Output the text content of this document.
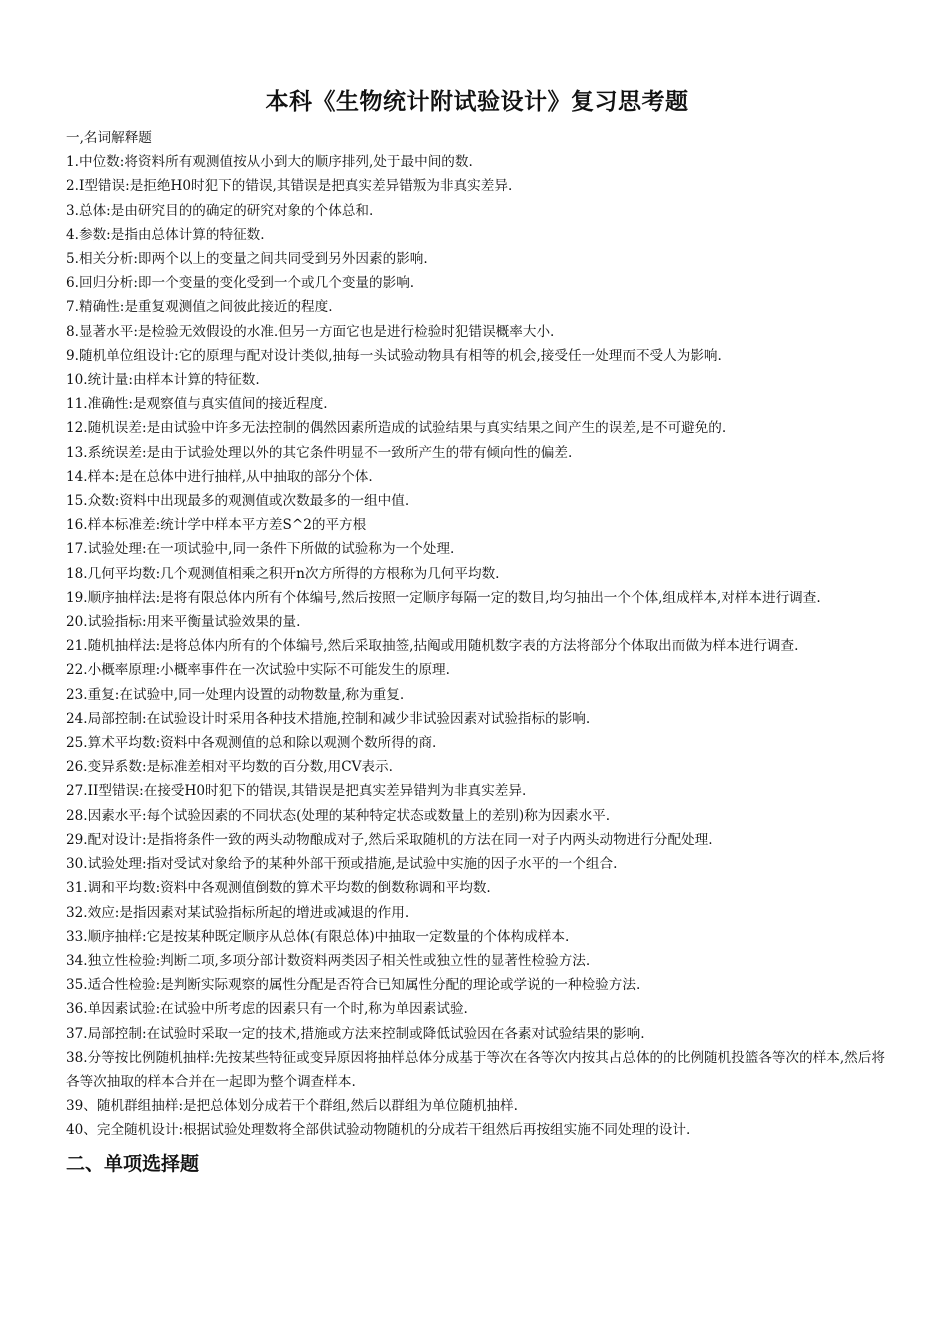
本科《生物统计附试验设计》复习思考题
一,名词解释题

1.中位数:将资料所有观测值按从小到大的顺序排列,处于最中间的数.

2.I型错误:是拒绝H0时犯下的错误,其错误是把真实差异错叛为非真实差异.

3.总体:是由研究目的的确定的研究对象的个体总和.

4.参数:是指由总体计算的特征数.

5.相关分析:即两个以上的变量之间共同受到另外因素的影响.

6.回归分析:即一个变量的变化受到一个或几个变量的影响.

7.精确性:是重复观测值之间彼此接近的程度.

8.显著水平:是检验无效假设的水准.但另一方面它也是进行检验时犯错误概率大小.

9.随机单位组设计:它的原理与配对设计类似,抽每一头试验动物具有相等的机会,接受任一处理而不受人为影响.

10.统计量:由样本计算的特征数.

11.准确性:是观察值与真实值间的接近程度.

12.随机误差:是由试验中许多无法控制的偶然因素所造成的试验结果与真实结果之间产生的误差,是不可避免的.

13.系统误差:是由于试验处理以外的其它条件明显不一致所产生的带有倾向性的偏差.

14.样本:是在总体中进行抽样,从中抽取的部分个体.

15.众数:资料中出现最多的观测值或次数最多的一组中值.

16.样本标准差:统计学中样本平方差S^2的平方根

17.试验处理:在一项试验中,同一条件下所做的试验称为一个处理.

18.几何平均数:几个观测值相乘之积开n次方所得的方根称为几何平均数.

19.顺序抽样法:是将有限总体内所有个体编号,然后按照一定顺序每隔一定的数目,均匀抽出一个个体,组成样本,对样本进行调查.

20.试验指标:用来平衡量试验效果的量.

21.随机抽样法:是将总体内所有的个体编号,然后采取抽签,拈阄或用随机数字表的方法将部分个体取出而做为样本进行调查.

22.小概率原理:小概率事件在一次试验中实际不可能发生的原理.

23.重复:在试验中,同一处理内设置的动物数量,称为重复.

24.局部控制:在试验设计时采用各种技术措施,控制和减少非试验因素对试验指标的影响.

25.算术平均数:资料中各观测值的总和除以观测个数所得的商.

26.变异系数:是标准差相对平均数的百分数,用CV表示.

27.II型错误:在接受H0时犯下的错误,其错误是把真实差异错判为非真实差异.

28.因素水平:每个试验因素的不同状态(处理的某种特定状态或数量上的差别)称为因素水平.

29.配对设计:是指将条件一致的两头动物酿成对子,然后采取随机的方法在同一对子内两头动物进行分配处理.

30.试验处理:指对受试对象给予的某种外部干预或措施,是试验中实施的因子水平的一个组合.

31.调和平均数:资料中各观测值倒数的算术平均数的倒数称调和平均数.

32.效应:是指因素对某试验指标所起的增进或减退的作用.

33.顺序抽样:它是按某种既定顺序从总体(有限总体)中抽取一定数量的个体构成样本.

34.独立性检验:判断二项,多项分部计数资料两类因子相关性或独立性的显著性检验方法.

35.适合性检验:是判断实际观察的属性分配是否符合已知属性分配的理论或学说的一种检验方法.

36.单因素试验:在试验中所考虑的因素只有一个时,称为单因素试验.

37.局部控制:在试验时采取一定的技术,措施或方法来控制或降低试验因在各素对试验结果的影响.

38.分等按比例随机抽样:先按某些特征或变异原因将抽样总体分成基于等次在各等次内按其占总体的的比例随机投篮各等次的样本,然后将各等次抽取的样本合并在一起即为整个调查样本.

39、随机群组抽样:是把总体划分成若干个群组,然后以群组为单位随机抽样.

40、完全随机设计:根据试验处理数将全部供试验动物随机的分成若干组然后再按组实施不同处理的设计.

二、单项选择题
